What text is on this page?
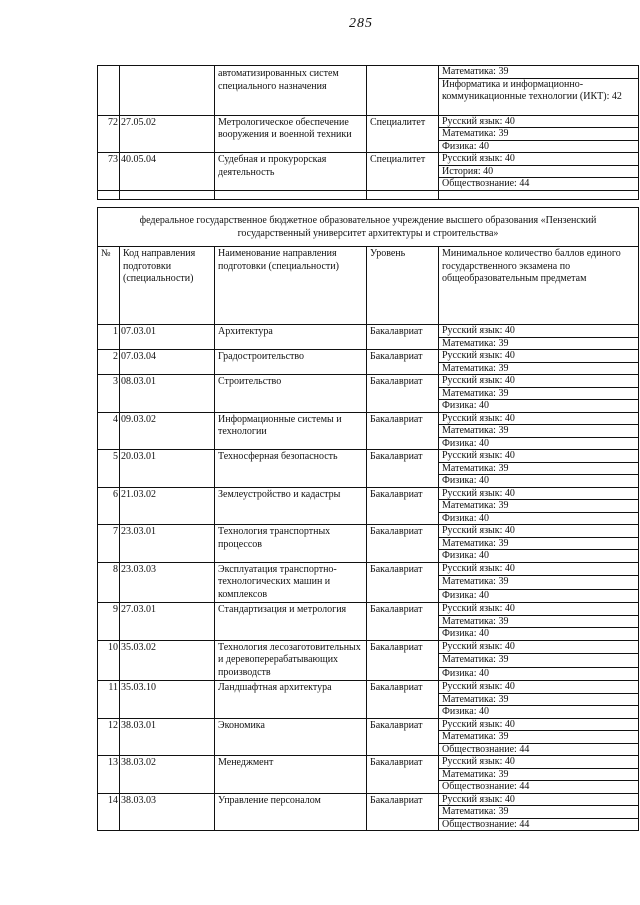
285
		автоматизированных систем специального назначения		Математика: 39
				Информатика и информационно-коммуникационные технологии (ИКТ): 42
72	27.05.02	Метрологическое обеспечение вооружения и военной техники	Специалитет	Русский язык: 40
				Математика: 39
				Физика: 40
73	40.05.04	Судебная и прокурорская деятельность	Специалитет	Русский язык: 40
				История: 40
				Обществознание: 44

федеральное государственное бюджетное образовательное учреждение высшего образования «Пензенский государственный университет архитектуры и строительства»				
№	Код направления подготовки (специальности)	Наименование направления подготовки (специальности)	Уровень	Минимальное количество баллов единого государственного экзамена по общеобразовательным предметам
1	07.03.01	Архитектура	Бакалавриат	Русский язык: 40
				Математика: 39
2	07.03.04	Градостроительство	Бакалавриат	Русский язык: 40
				Математика: 39
3	08.03.01	Строительство	Бакалавриат	Русский язык: 40
				Математика: 39
				Физика: 40
4	09.03.02	Информационные системы и технологии	Бакалавриат	Русский язык: 40
				Математика: 39
				Физика: 40
5	20.03.01	Техносферная безопасность	Бакалавриат	Русский язык: 40
				Математика: 39
				Физика: 40
6	21.03.02	Землеустройство и кадастры	Бакалавриат	Русский язык: 40
				Математика: 39
				Физика: 40
7	23.03.01	Технология транспортных процессов	Бакалавриат	Русский язык: 40
				Математика: 39
				Физика: 40
8	23.03.03	Эксплуатация транспортно-технологических машин и комплексов	Бакалавриат	Русский язык: 40
				Математика: 39
				Физика: 40
9	27.03.01	Стандартизация и метрология	Бакалавриат	Русский язык: 40
				Математика: 39
				Физика: 40
10	35.03.02	Технология лесозаготовительных и деревоперерабатывающих производств	Бакалавриат	Русский язык: 40
				Математика: 39
				Физика: 40
11	35.03.10	Ландшафтная архитектура	Бакалавриат	Русский язык: 40
				Математика: 39
				Физика: 40
12	38.03.01	Экономика	Бакалавриат	Русский язык: 40
				Математика: 39
				Обществознание: 44
13	38.03.02	Менеджмент	Бакалавриат	Русский язык: 40
				Математика: 39
				Обществознание: 44
14	38.03.03	Управление персоналом	Бакалавриат	Русский язык: 40
				Математика: 39
				Обществознание: 44
